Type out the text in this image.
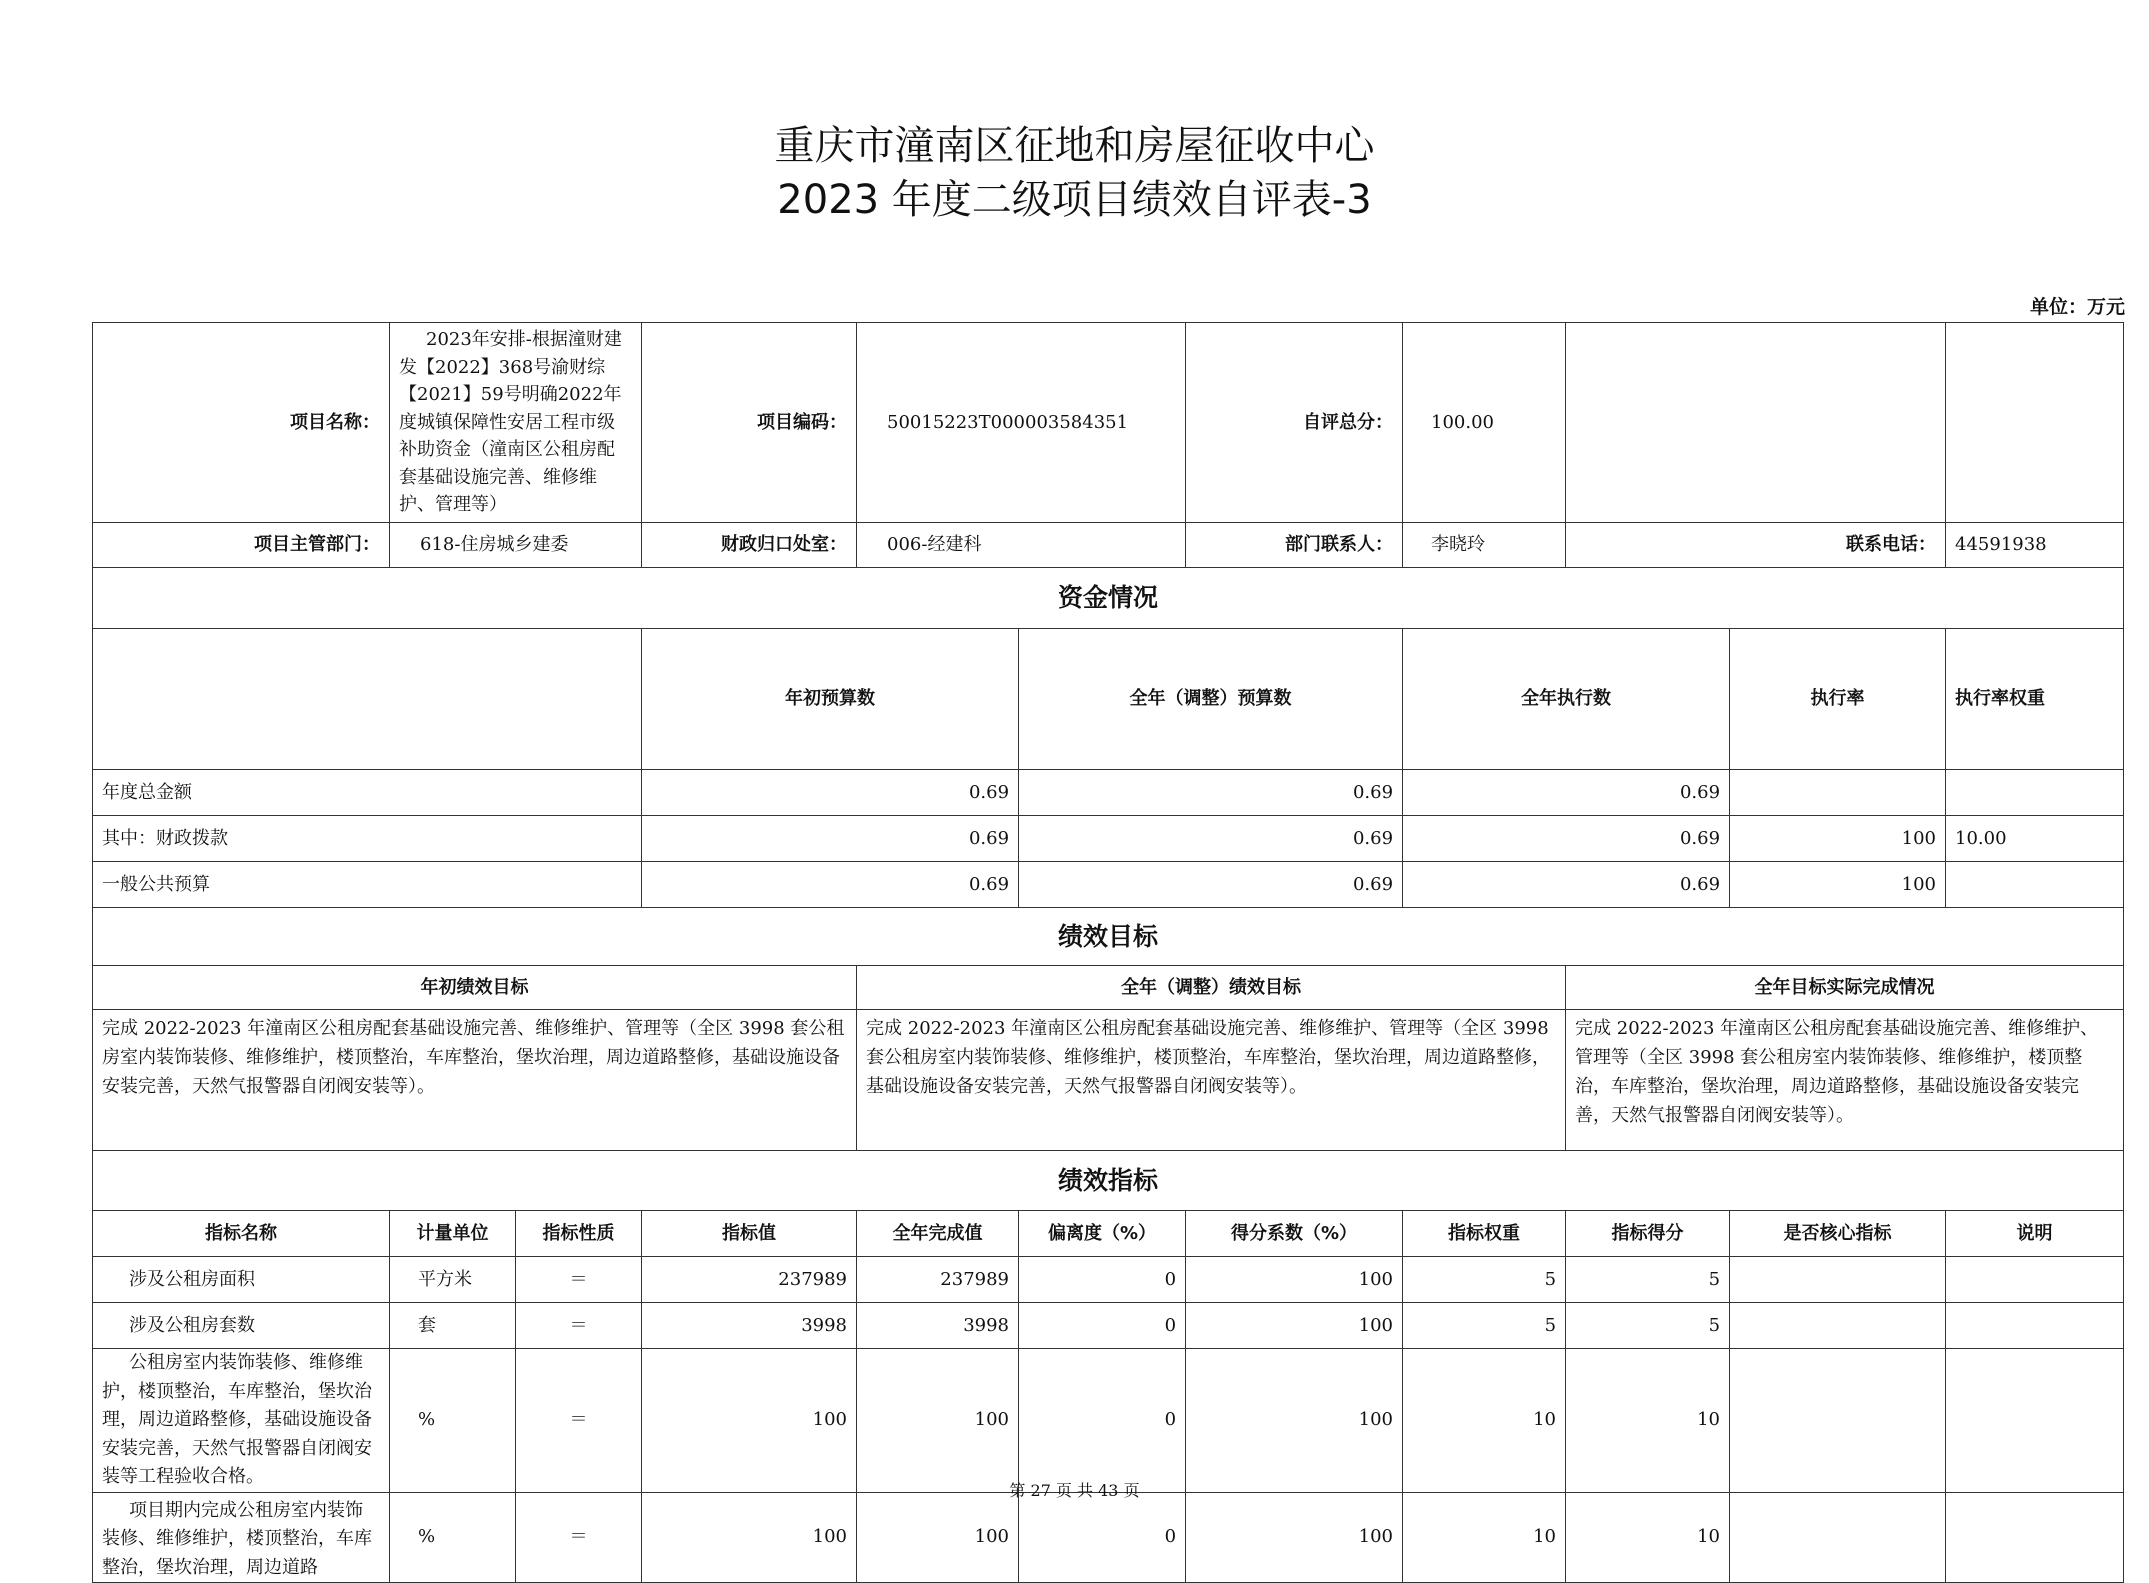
重庆市潼南区征地和房屋征收中心
2023 年度二级项目绩效自评表-3
单位：万元
项目名称：	2023年安排-根据潼财建发【2022】368号渝财综【2021】59号明确2022年度城镇保障性安居工程市级补助资金（潼南区公租房配套基础设施完善、维修维护、管理等）		项目编码：	50015223T000003584351		自评总分：	100.00				
项目主管部门：	618-住房城乡建委		财政归口处室：	006-经建科		部门联系人：	李晓玲	联系电话：		44591938	
资金情况											
			年初预算数		全年（调整）预算数		全年执行数		执行率	执行率权重	
年度总金额			0.69		0.69		0.69				
其中：财政拨款			0.69		0.69		0.69		100	10.00	
一般公共预算			0.69		0.69		0.69		100		
绩效目标											
年初绩效目标				全年（调整）绩效目标				全年目标实际完成情况			
完成 2022-2023 年潼南区公租房配套基础设施完善、维修维护、管理等（全区 3998 套公租房室内装饰装修、维修维护，楼顶整治，车库整治，堡坎治理，周边道路整修，基础设施设备安装完善，天然气报警器自闭阀安装等）。				完成 2022-2023 年潼南区公租房配套基础设施完善、维修维护、管理等（全区 3998 套公租房室内装饰装修、维修维护，楼顶整治，车库整治，堡坎治理，周边道路整修，基础设施设备安装完善，天然气报警器自闭阀安装等）。				完成 2022-2023 年潼南区公租房配套基础设施完善、维修维护、管理等（全区 3998 套公租房室内装饰装修、维修维护，楼顶整治，车库整治，堡坎治理，周边道路整修，基础设施设备安装完善，天然气报警器自闭阀安装等）。			
绩效指标											
指标名称	计量单位	指标性质	指标值	全年完成值	偏离度（%）	得分系数（%）	指标权重	指标得分	是否核心指标	说明	
涉及公租房面积	平方米	＝	237989	237989	0	100	5	5			
涉及公租房套数	套	＝	3998	3998	0	100	5	5			
公租房室内装饰装修、维修维护，楼顶整治，车库整治，堡坎治理，周边道路整修，基础设施设备安装完善，天然气报警器自闭阀安装等工程验收合格。	%	＝	100	100	0	100	10	10			
项目期内完成公租房室内装饰装修、维修维护，楼顶整治，车库整治，堡坎治理，周边道路	%	＝	100	100	0	100	10	10			
第 27 页 共 43 页
